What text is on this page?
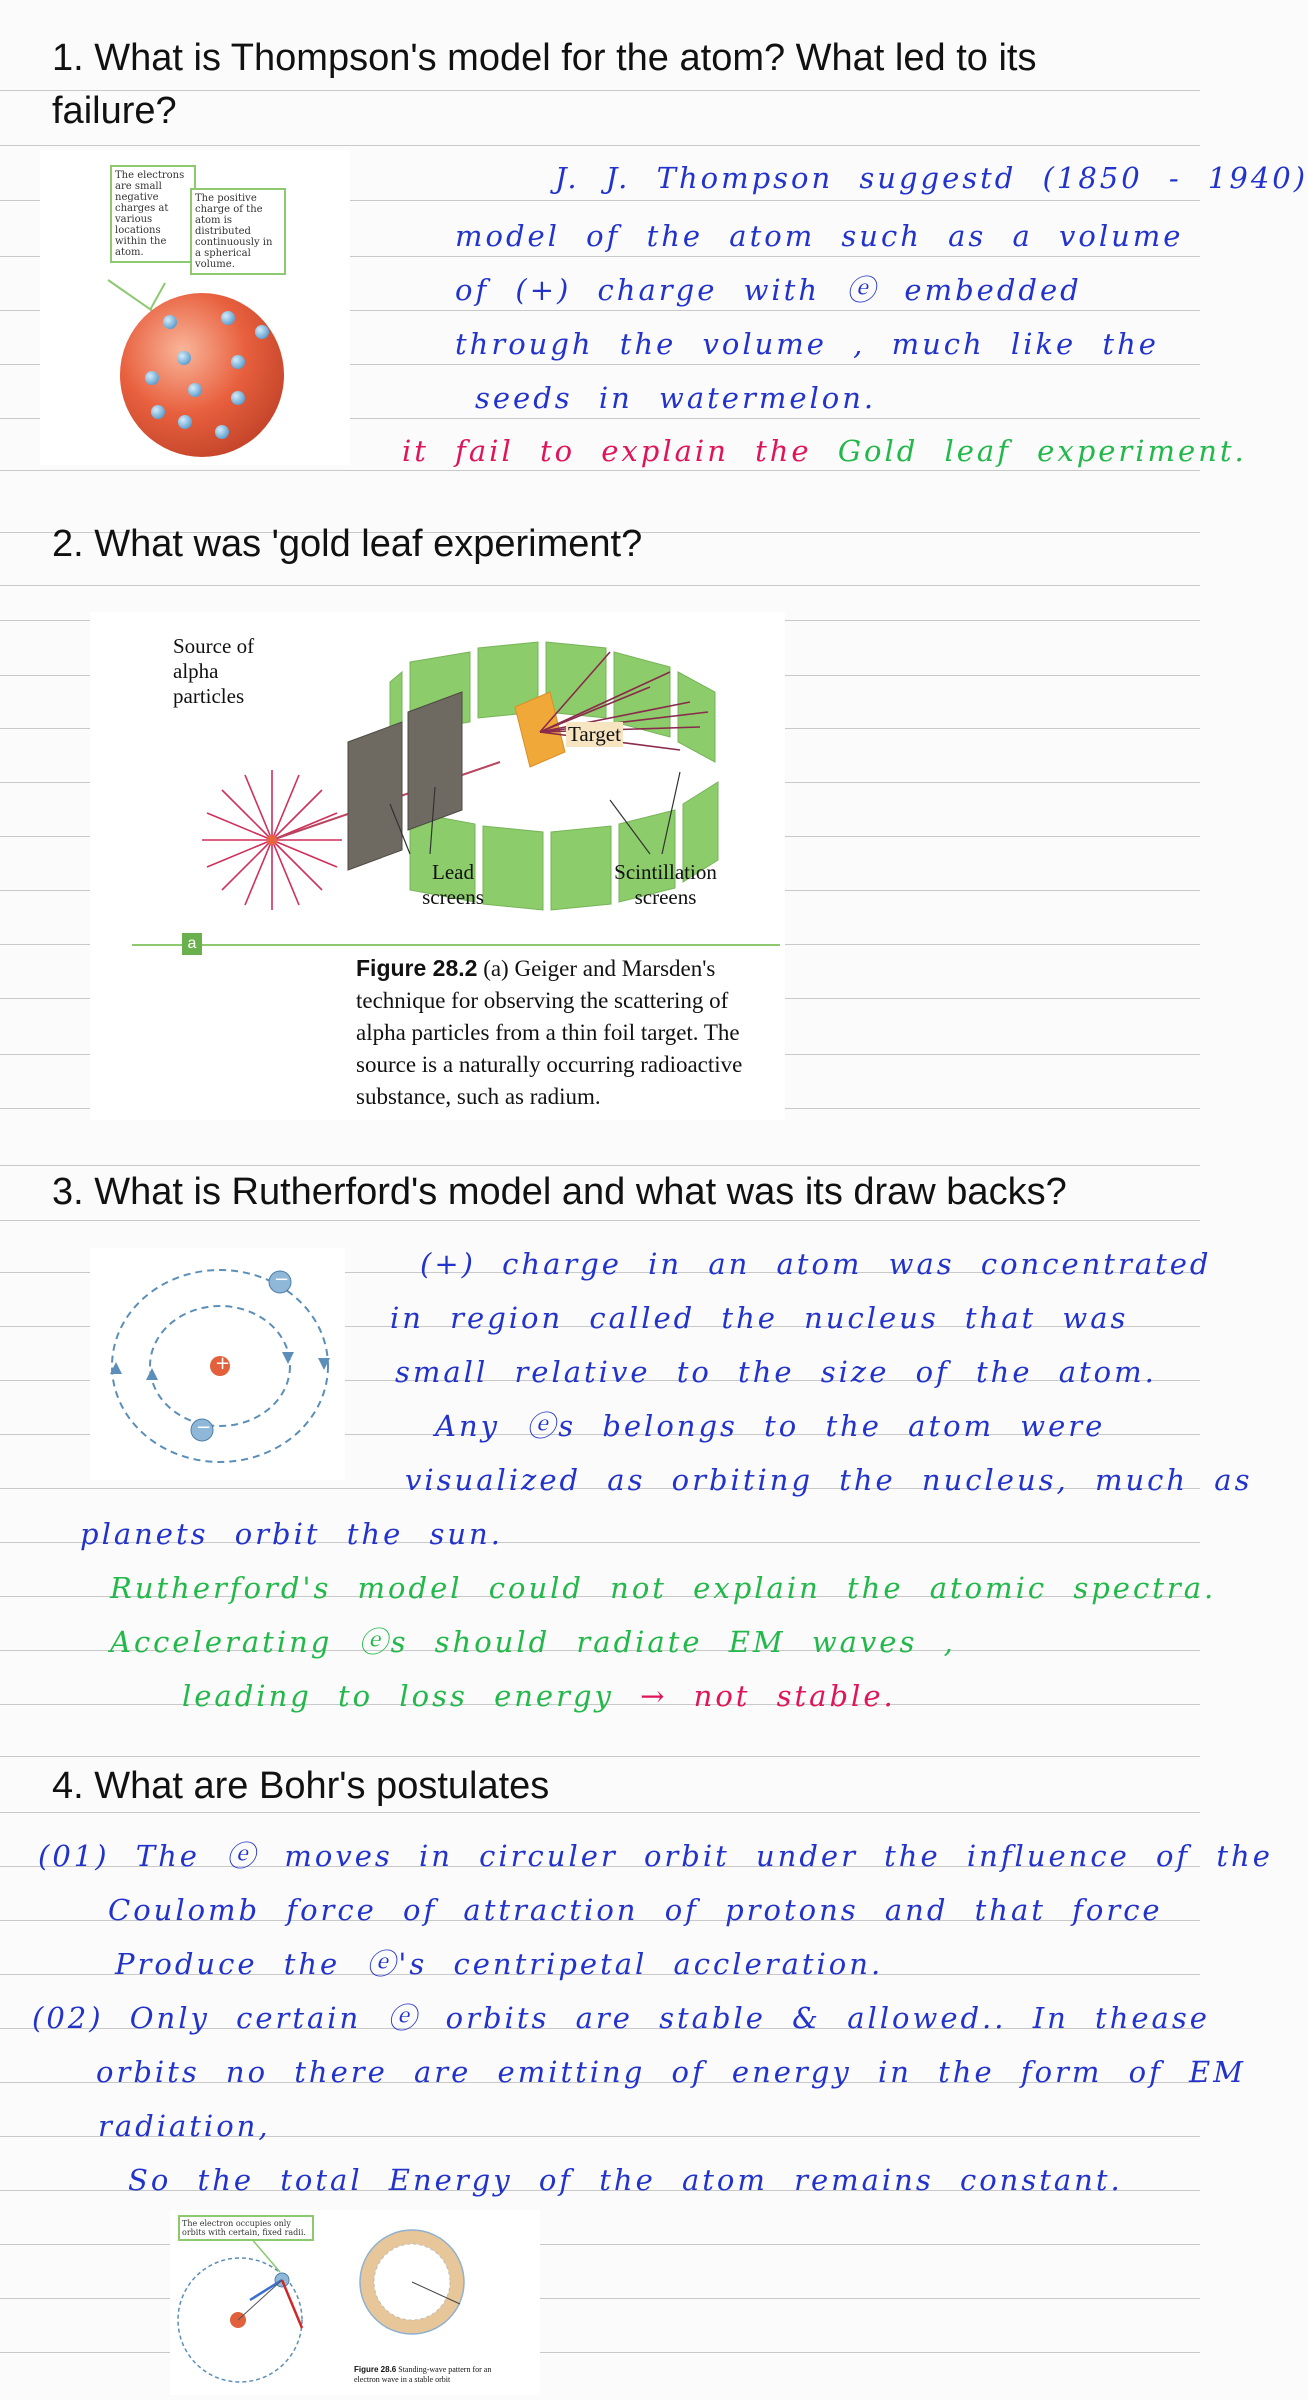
1. What is Thompson's model for the atom? What led to its failure?
The electrons are small negative charges at various locations within the atom.
The positive charge of the atom is distributed continuously in a spherical volume.
J. J. Thompson suggestd (1850 - 1940)
model of the atom such as a volume
of (+) charge with ⓔ embedded
through the volume , much like the
seeds in watermelon.
it fail to explain the Gold leaf experiment.
2. What was 'gold leaf experiment?
Source of alpha particles
Target
Lead screens
Scintillation screens
a
Figure 28.2 (a) Geiger and Marsden's technique for observing the scattering of alpha particles from a thin foil target. The source is a naturally occurring radioactive substance, such as radium.
3. What is Rutherford's model and what was its draw backs?
+
−
−
(+) charge in an atom was concentrated
in region called the nucleus that was
small relative to the size of the atom.
Any ⓔs belongs to the atom were
visualized as orbiting the nucleus, much as
planets orbit the sun.
Rutherford's model could not explain the atomic spectra.
Accelerating ⓔs should radiate EM waves ,
leading to loss energy → not stable.
4. What are Bohr's postulates
(01) The ⓔ moves in circuler orbit under the influence of the
Coulomb force of attraction of protons and that force
Produce the ⓔ's centripetal accleration.
(02) Only certain ⓔ orbits are stable & allowed.. In thease
orbits no there are emitting of energy in the form of EM
radiation,
So the total Energy of the atom remains constant.
The electron occupies only orbits with certain, fixed radii.
Figure 28.6 Standing-wave pattern for an electron wave in a stable orbit
